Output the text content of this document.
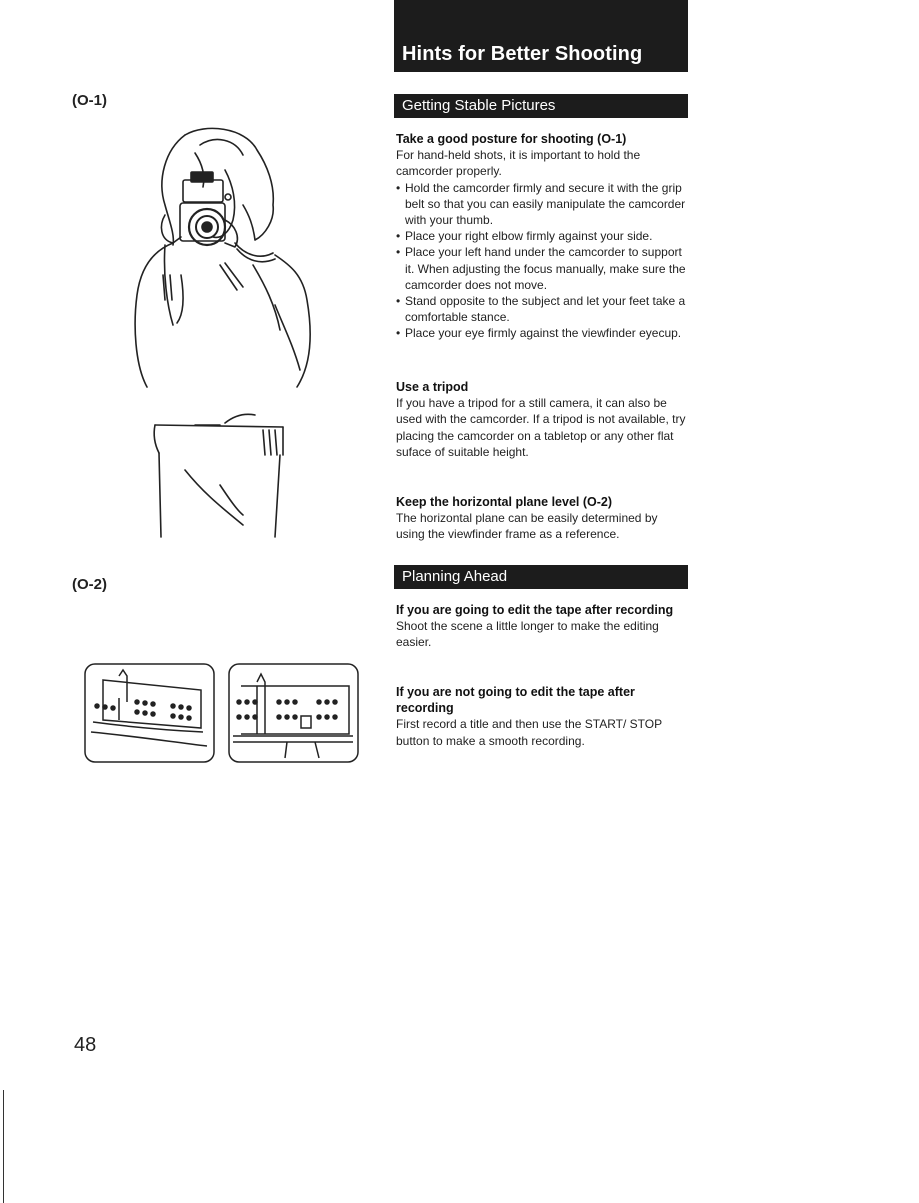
(O-1)
(O-2)
Hints for Better Shooting
Getting Stable Pictures
Take a good posture for shooting (O-1)

For hand-held shots, it is important to hold the camcorder properly.

• Hold the camcorder firmly and secure it with the grip belt so that you can easily manipulate the camcorder with your thumb.
• Place your right elbow firmly against your side.
• Place your left hand under the camcorder to support it. When adjusting the focus manually, make sure the camcorder does not move.
• Stand opposite to the subject and let your feet take a comfortable stance.
• Place your eye firmly against the viewfinder eyecup.
Use a tripod

If you have a tripod for a still camera, it can also be used with the camcorder. If a tripod is not available, try placing the camcorder on a tabletop or any other flat suface of suitable height.

Keep the horizontal plane level (O-2)

The horizontal plane can be easily determined by using the viewfinder frame as a reference.

Planning Ahead
If you are going to edit the tape after recording

Shoot the scene a little longer to make the editing easier.

If you are not going to edit the tape after recording

First record a title and then use the START/ STOP button to make a smooth recording.

48
